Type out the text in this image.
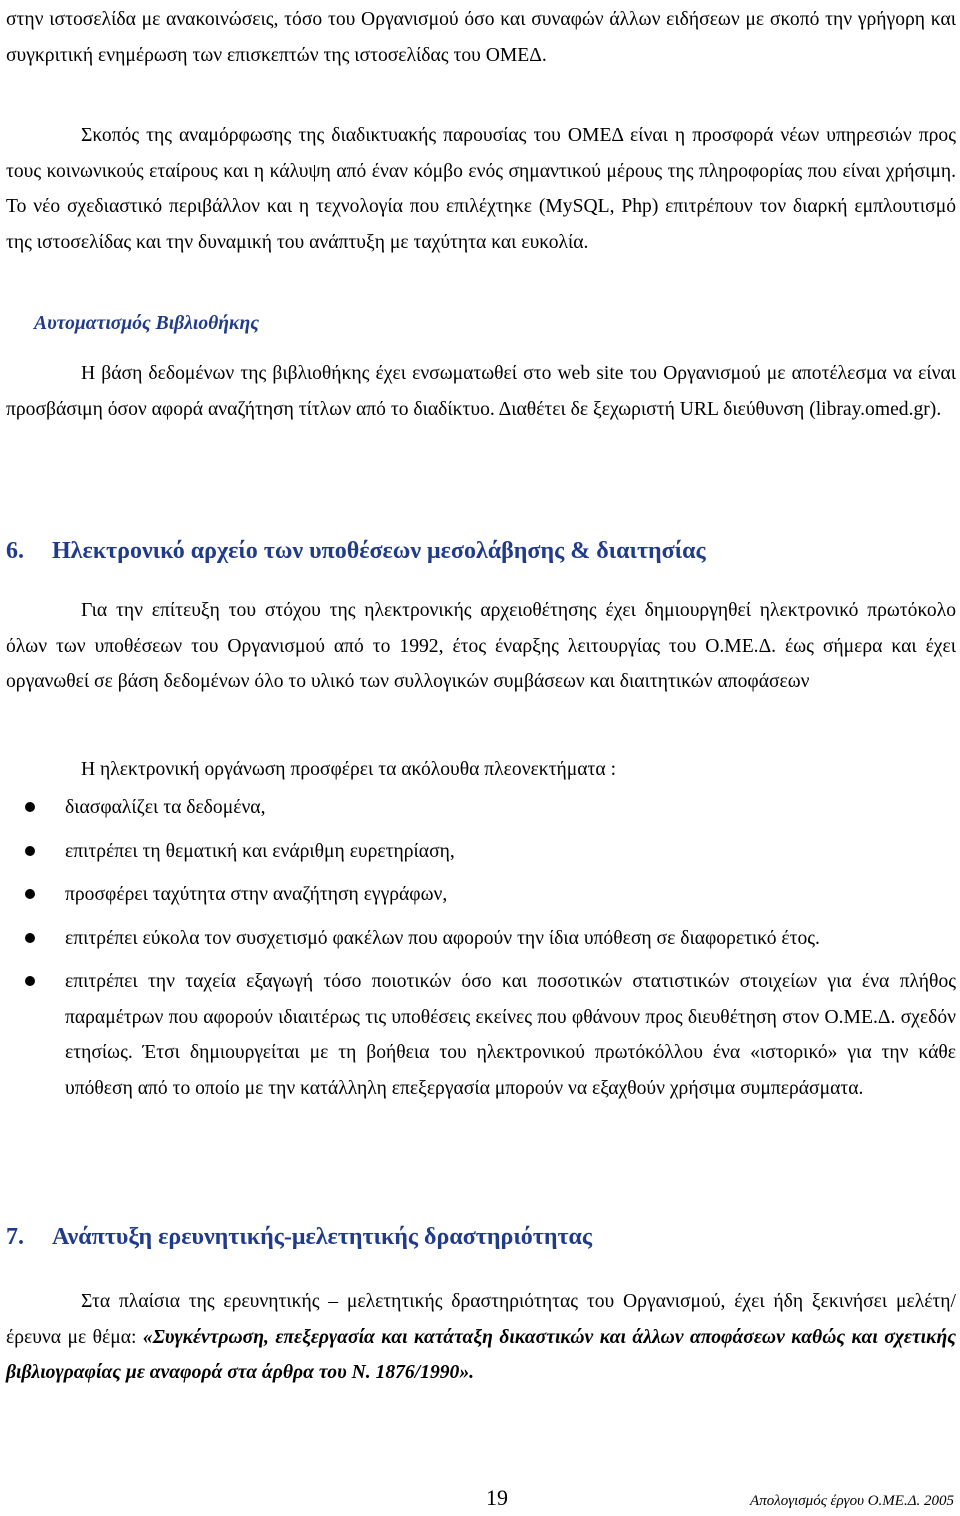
στην ιστοσελίδα με ανακοινώσεις, τόσο του Οργανισμού όσο και συναφών άλλων ειδήσεων με σκοπό την γρήγορη και συγκριτική ενημέρωση των επισκεπτών της ιστοσελίδας του ΟΜΕΔ.

Σκοπός της αναμόρφωσης της διαδικτυακής παρουσίας του ΟΜΕΔ είναι η προσφορά νέων υπηρεσιών προς τους κοινωνικούς εταίρους και η κάλυψη από έναν κόμβο ενός σημαντικού μέρους της πληροφορίας που είναι χρήσιμη. Το νέο σχεδιαστικό περιβάλλον και η τεχνολογία που επιλέχτηκε (MySQL, Php) επιτρέπουν τον διαρκή εμπλουτισμό της ιστοσελίδας και την δυναμική του ανάπτυξη με ταχύτητα και ευκολία.

Αυτοματισμός Βιβλιοθήκης

Η βάση δεδομένων της βιβλιοθήκης έχει ενσωματωθεί στο web site του Οργανισμού με αποτέλεσμα να είναι προσβάσιμη όσον αφορά αναζήτηση τίτλων από το διαδίκτυο. Διαθέτει δε ξεχωριστή URL διεύθυνση (libray.omed.gr).

6. Ηλεκτρονικό αρχείο των υποθέσεων μεσολάβησης & διαιτησίας

Για την επίτευξη του στόχου της ηλεκτρονικής αρχειοθέτησης έχει δημιουργηθεί ηλεκτρονικό πρωτόκολο όλων των υποθέσεων του Οργανισμού από το 1992, έτος έναρξης λειτουργίας του Ο.ΜΕ.Δ. έως σήμερα και έχει οργανωθεί σε βάση δεδομένων όλο το υλικό των συλλογικών συμβάσεων και διαιτητικών αποφάσεων

Η ηλεκτρονική οργάνωση προσφέρει τα ακόλουθα πλεονεκτήματα :

διασφαλίζει τα δεδομένα,
επιτρέπει τη θεματική και ενάριθμη ευρετηρίαση,
προσφέρει ταχύτητα στην αναζήτηση εγγράφων,
επιτρέπει εύκολα τον συσχετισμό φακέλων που αφορούν την ίδια υπόθεση σε διαφορετικό έτος.
επιτρέπει την ταχεία εξαγωγή τόσο ποιοτικών όσο και ποσοτικών στατιστικών στοιχείων για ένα πλήθος παραμέτρων που αφορούν ιδιαιτέρως τις υποθέσεις εκείνες που φθάνουν προς διευθέτηση στον Ο.ΜΕ.Δ. σχεδόν ετησίως. Έτσι δημιουργείται με τη βοήθεια του ηλεκτρονικού πρωτόκόλλου ένα «ιστορικό» για την κάθε υπόθεση από το οποίο με την κατάλληλη επεξεργασία μπορούν να εξαχθούν χρήσιμα συμπεράσματα.
7. Ανάπτυξη ερευνητικής-μελετητικής δραστηριότητας

Στα πλαίσια της ερευνητικής – μελετητικής δραστηριότητας του Οργανισμού, έχει ήδη ξεκινήσει μελέτη/έρευνα με θέμα: «Συγκέντρωση, επεξεργασία και κατάταξη δικαστικών και άλλων αποφάσεων καθώς και σχετικής βιβλιογραφίας με αναφορά στα άρθρα του Ν. 1876/1990».

19	Απολογισμός έργου Ο.ΜΕ.Δ. 2005
